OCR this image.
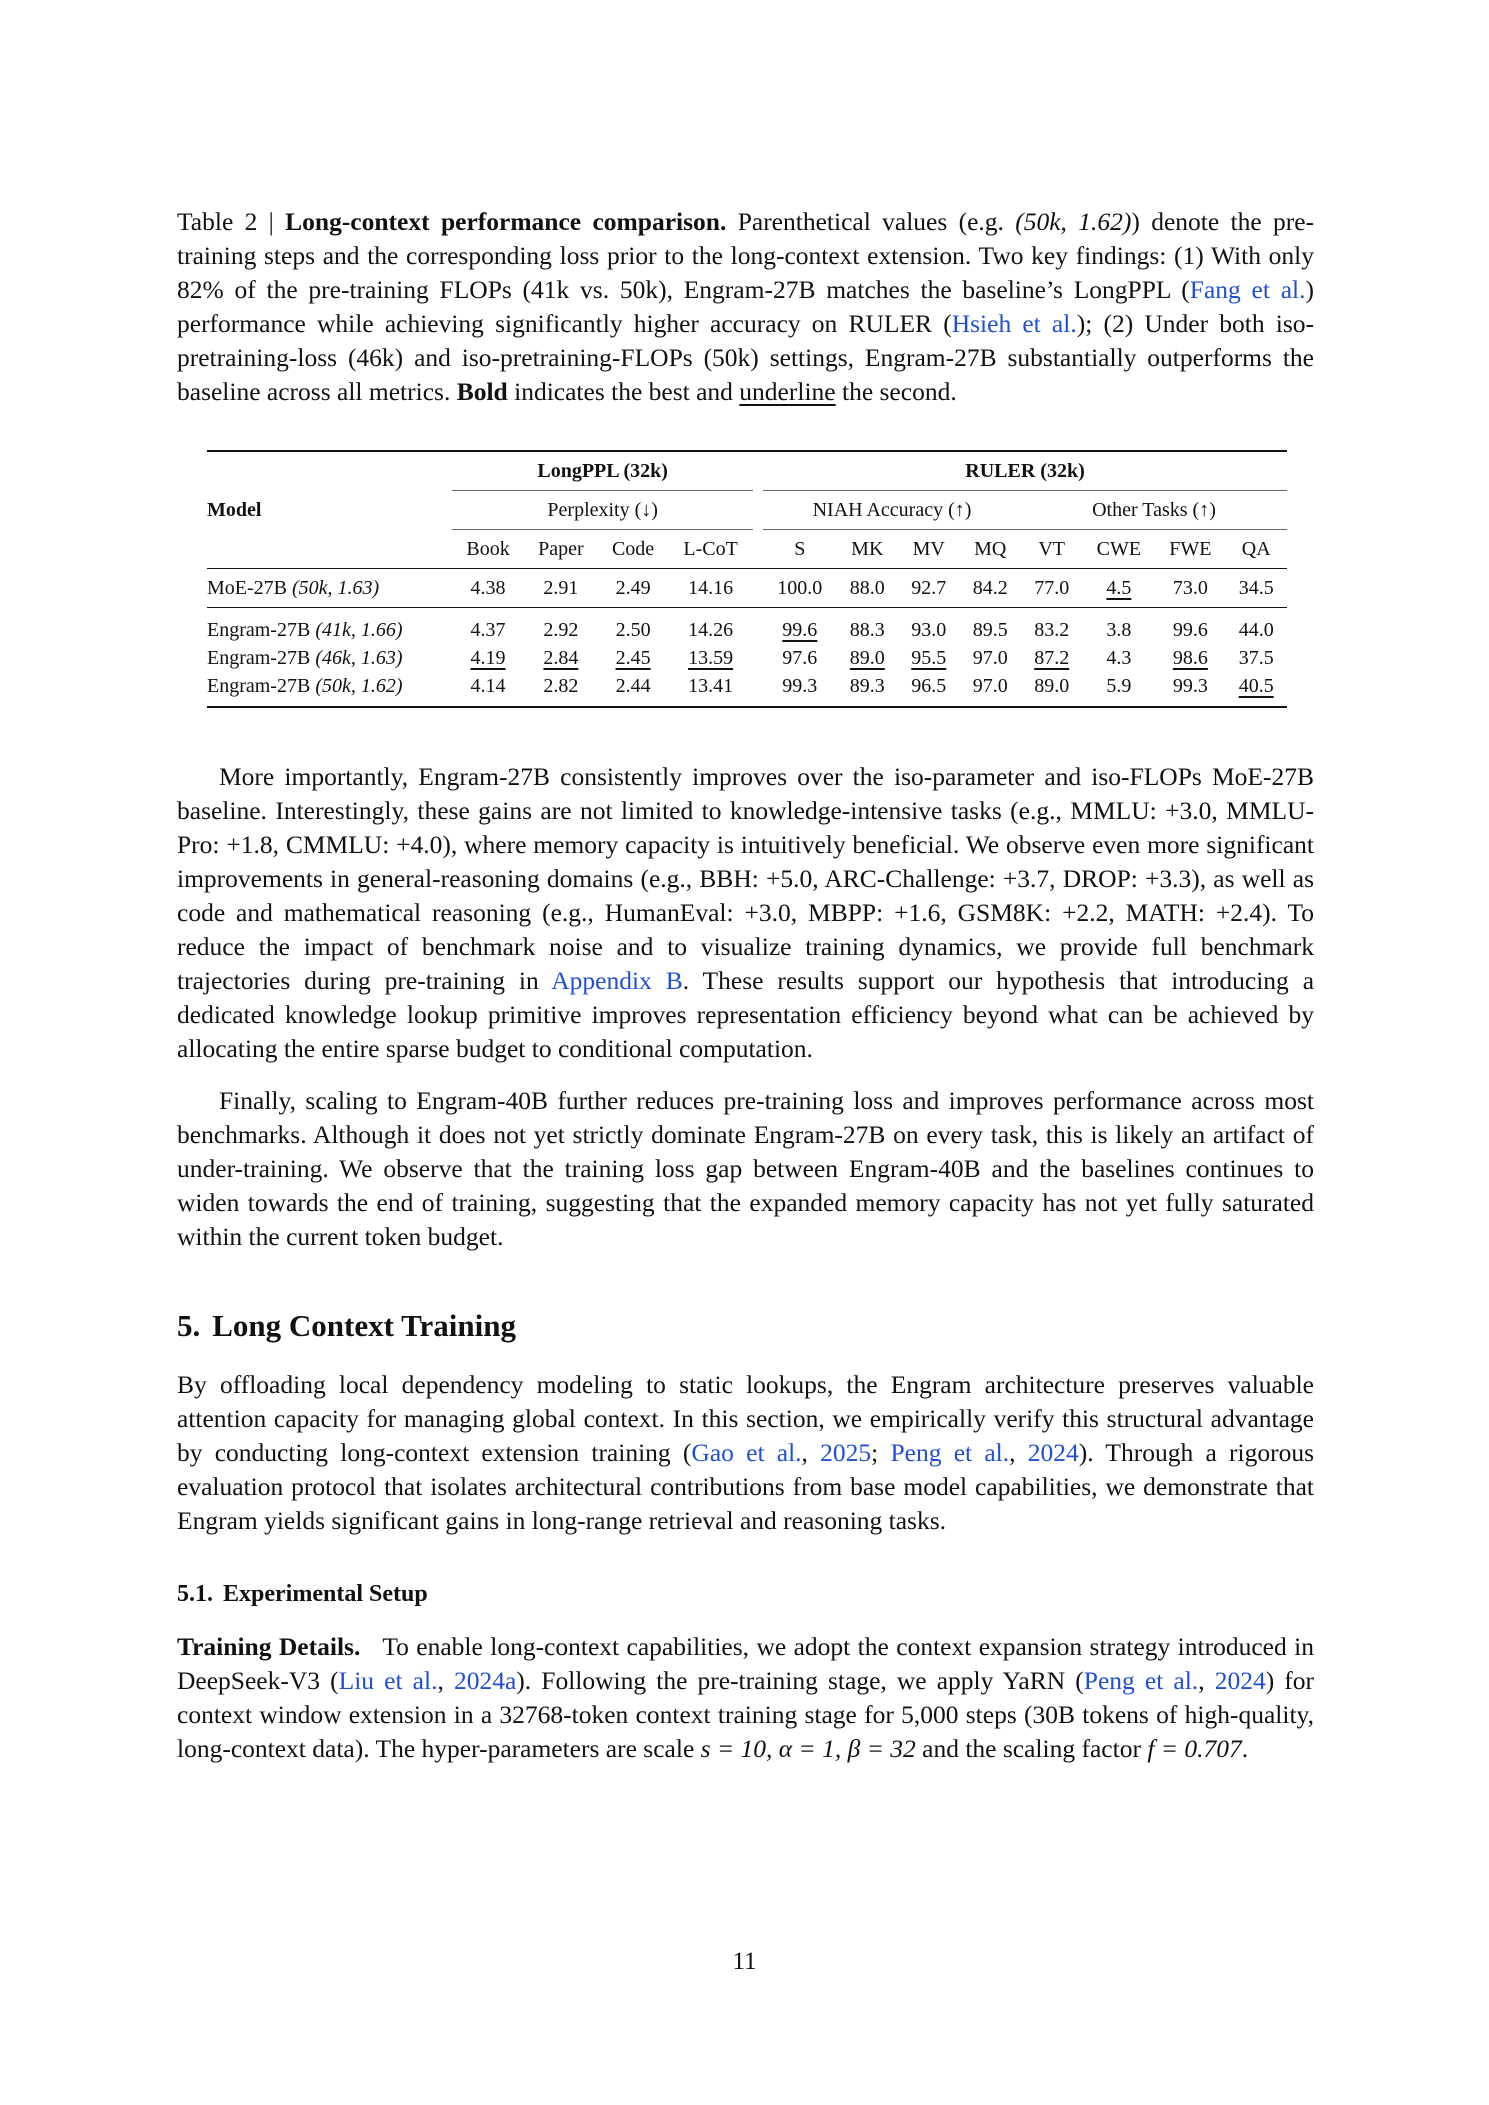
Table 2 | Long-context performance comparison. Parenthetical values (e.g. (50k, 1.62)) denote the pre-training steps and the corresponding loss prior to the long-context extension. Two key findings: (1) With only 82% of the pre-training FLOPs (41k vs. 50k), Engram-27B matches the baseline’s LongPPL (Fang et al.) performance while achieving significantly higher accuracy on RULER (Hsieh et al.); (2) Under both iso-pretraining-loss (46k) and iso-pretraining-FLOPs (50k) settings, Engram-27B substantially outperforms the baseline across all metrics. Bold indicates the best and underline the second.

Model	LongPPL (32k)					RULER (32k)							
	Perplexity (↓)					NIAH Accuracy (↑)				Other Tasks (↑)			
	Book	Paper	Code	L-CoT		S	MK	MV	MQ	VT	CWE	FWE	QA
MoE-27B (50k, 1.63)	4.38	2.91	2.49	14.16		100.0	88.0	92.7	84.2	77.0	4.5	73.0	34.5
Engram-27B (41k, 1.66)	4.37	2.92	2.50	14.26		99.6	88.3	93.0	89.5	83.2	3.8	99.6	44.0
Engram-27B (46k, 1.63)	4.19	2.84	2.45	13.59		97.6	89.0	95.5	97.0	87.2	4.3	98.6	37.5
Engram-27B (50k, 1.62)	4.14	2.82	2.44	13.41		99.3	89.3	96.5	97.0	89.0	5.9	99.3	40.5

More importantly, Engram-27B consistently improves over the iso-parameter and iso-FLOPs MoE-27B baseline. Interestingly, these gains are not limited to knowledge-intensive tasks (e.g., MMLU: +3.0, MMLU-Pro: +1.8, CMMLU: +4.0), where memory capacity is intuitively beneficial. We observe even more significant improvements in general-reasoning domains (e.g., BBH: +5.0, ARC-Challenge: +3.7, DROP: +3.3), as well as code and mathematical reasoning (e.g., HumanEval: +3.0, MBPP: +1.6, GSM8K: +2.2, MATH: +2.4). To reduce the impact of benchmark noise and to visualize training dynamics, we provide full benchmark trajectories during pre-training in Appendix B. These results support our hypothesis that introducing a dedicated knowledge lookup primitive improves representation efficiency beyond what can be achieved by allocating the entire sparse budget to conditional computation.

Finally, scaling to Engram-40B further reduces pre-training loss and improves performance across most benchmarks. Although it does not yet strictly dominate Engram-27B on every task, this is likely an artifact of under-training. We observe that the training loss gap between Engram-40B and the baselines continues to widen towards the end of training, suggesting that the expanded memory capacity has not yet fully saturated within the current token budget.

5. Long Context Training

By offloading local dependency modeling to static lookups, the Engram architecture preserves valuable attention capacity for managing global context. In this section, we empirically verify this structural advantage by conducting long-context extension training (Gao et al., 2025; Peng et al., 2024). Through a rigorous evaluation protocol that isolates architectural contributions from base model capabilities, we demonstrate that Engram yields significant gains in long-range retrieval and reasoning tasks.

5.1. Experimental Setup

Training Details. To enable long-context capabilities, we adopt the context expansion strategy introduced in DeepSeek-V3 (Liu et al., 2024a). Following the pre-training stage, we apply YaRN (Peng et al., 2024) for context window extension in a 32768-token context training stage for 5,000 steps (30B tokens of high-quality, long-context data). The hyper-parameters are scale s = 10, α = 1, β = 32 and the scaling factor f = 0.707.

11
